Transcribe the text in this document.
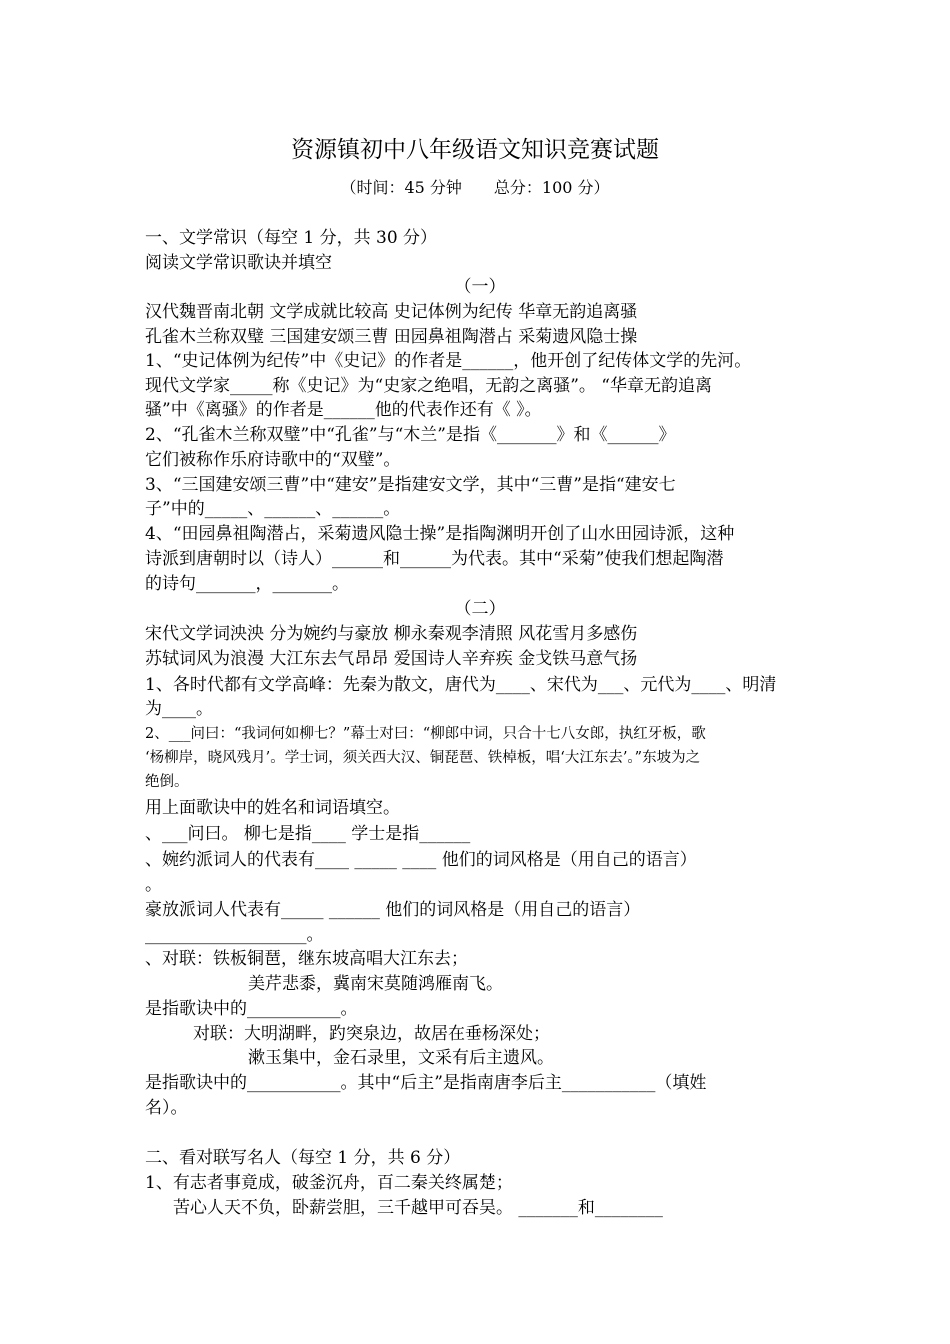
资源镇初中八年级语文知识竞赛试题
（时间：45 分钟　　总分：100 分）
一、文学常识（每空 1 分，共 30 分）
阅读文学常识歌诀并填空
（一）
汉代魏晋南北朝 文学成就比较高 史记体例为纪传 华章无韵追离骚
孔雀木兰称双璧 三国建安颂三曹 田园鼻祖陶潜占 采菊遗风隐士操
1、“史记体例为纪传”中《史记》的作者是______，他开创了纪传体文学的先河。
现代文学家_____称《史记》为“史家之绝唱，无韵之离骚”。 “华章无韵追离
骚”中《离骚》的作者是______他的代表作还有《 》。
2、“孔雀木兰称双璧”中“孔雀”与“木兰”是指《_______》和《______》
它们被称作乐府诗歌中的“双璧”。
3、“三国建安颂三曹”中“建安”是指建安文学，其中“三曹”是指“建安七
子”中的_____、______、______。
4、“田园鼻祖陶潜占，采菊遗风隐士操”是指陶渊明开创了山水田园诗派，这种
诗派到唐朝时以（诗人）______和______为代表。其中“采菊”使我们想起陶潜
的诗句_______，_______。
（二）
宋代文学词泱泱 分为婉约与豪放 柳永秦观李清照 风花雪月多感伤
苏轼词风为浪漫 大江东去气昂昂 爱国诗人辛弃疾 金戈铁马意气扬
1、各时代都有文学高峰：先秦为散文，唐代为____、宋代为___、元代为____、明清
为____。
2、___问曰：“我词何如柳七？”幕士对曰：“柳郎中词，只合十七八女郎，执红牙板，歌
‘杨柳岸，晓风残月’。学士词，须关西大汉、铜琵琶、铁棹板，唱‘大江东去’。”东坡为之
绝倒。
用上面歌诀中的姓名和词语填空。
、___问曰。 柳七是指____ 学士是指______
、婉约派词人的代表有____ _____ ____ 他们的词风格是（用自己的语言）
。
豪放派词人代表有_____ ______ 他们的词风格是（用自己的语言）
___________________。
、对联：铁板铜琶，继东坡高唱大江东去；
美芹悲黍，冀南宋莫随鸿雁南飞。
是指歌诀中的___________。
对联：大明湖畔，趵突泉边，故居在垂杨深处；
漱玉集中，金石录里，文采有后主遗风。
是指歌诀中的___________。其中“后主”是指南唐李后主___________（填姓
名）。
二、看对联写名人（每空 1 分，共 6 分）
1、有志者事竟成，破釜沉舟，百二秦关终属楚；
苦心人天不负，卧薪尝胆，三千越甲可吞吴。 _______和________
